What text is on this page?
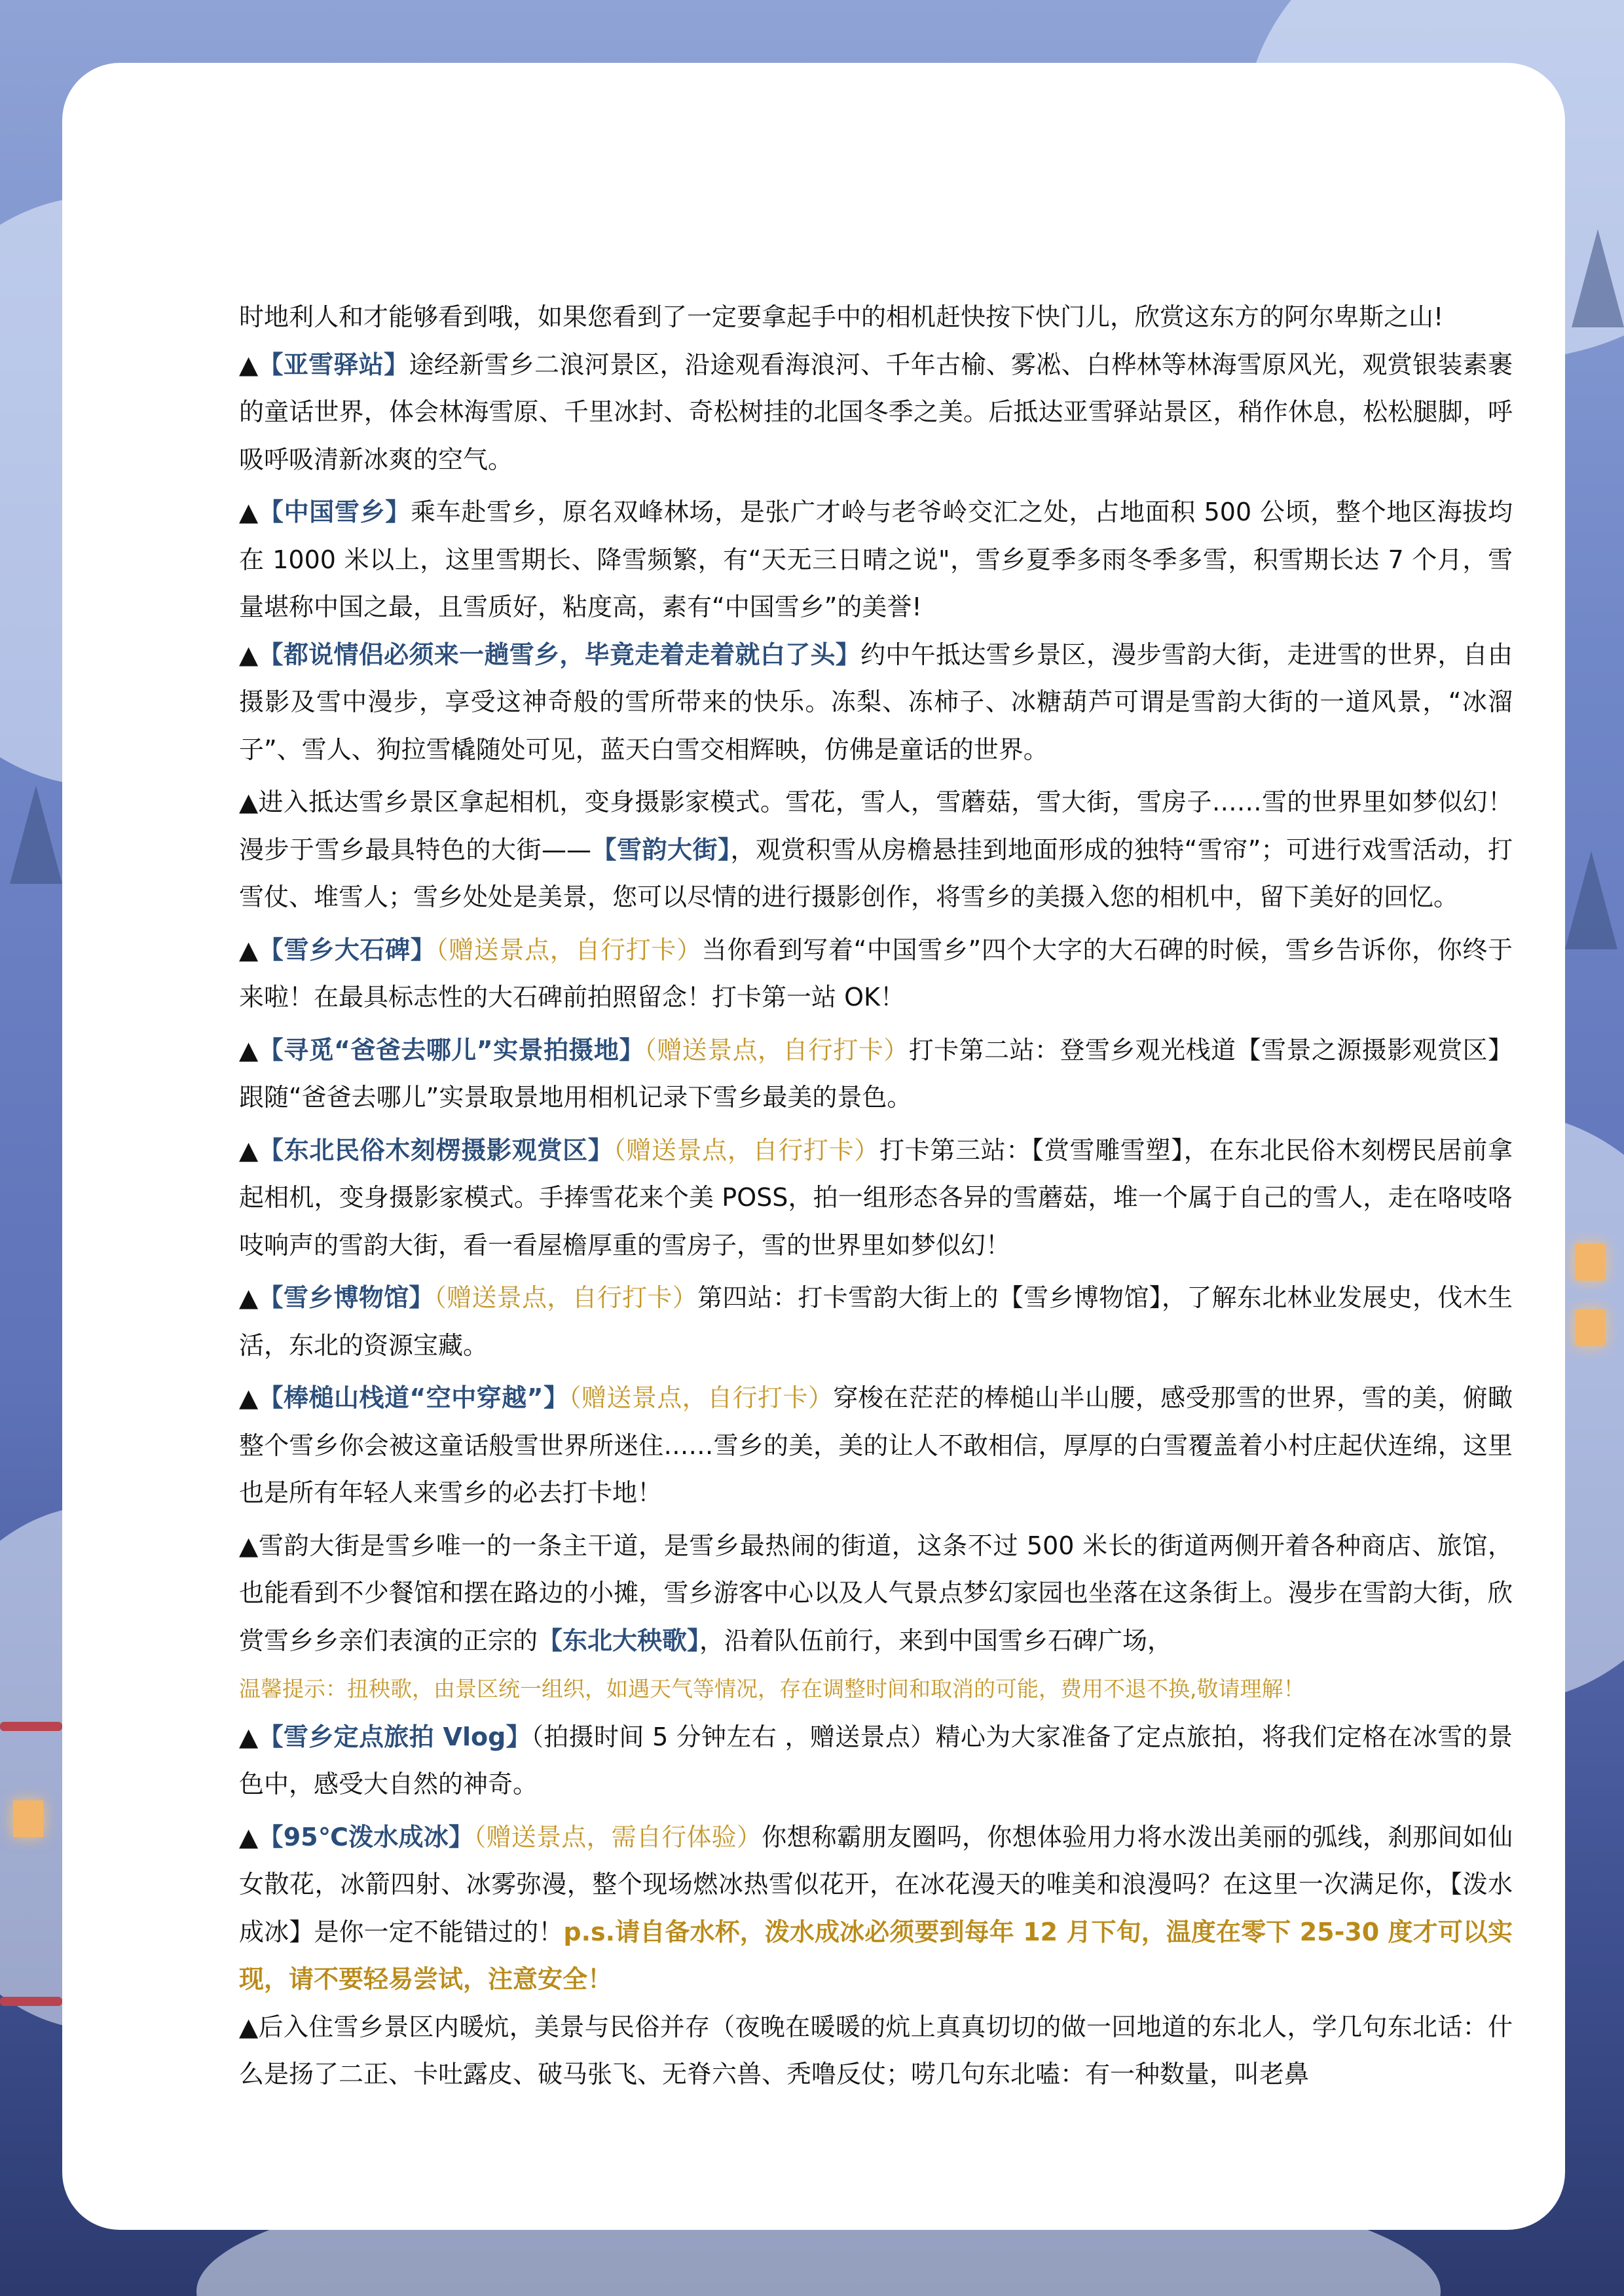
时地利人和才能够看到哦，如果您看到了一定要拿起手中的相机赶快按下快门儿，欣赏这东方的阿尔卑斯之山!

▲【亚雪驿站】途经新雪乡二浪河景区，沿途观看海浪河、千年古榆、雾凇、白桦林等林海雪原风光，观赏银装素裹的童话世界，体会林海雪原、千里冰封、奇松树挂的北国冬季之美。后抵达亚雪驿站景区，稍作休息，松松腿脚，呼吸呼吸清新冰爽的空气。

▲【中国雪乡】乘车赴雪乡，原名双峰林场，是张广才岭与老爷岭交汇之处，占地面积 500 公顷，整个地区海拔均在 1000 米以上，这里雪期长、降雪频繁，有“天无三日晴之说"，雪乡夏季多雨冬季多雪，积雪期长达 7 个月，雪量堪称中国之最，且雪质好，粘度高，素有“中国雪乡”的美誉!

▲【都说情侣必须来一趟雪乡，毕竟走着走着就白了头】约中午抵达雪乡景区，漫步雪韵大街，走进雪的世界，自由摄影及雪中漫步，享受这神奇般的雪所带来的快乐。冻梨、冻柿子、冰糖葫芦可谓是雪韵大街的一道风景，“冰溜子”、雪人、狗拉雪橇随处可见，蓝天白雪交相辉映，仿佛是童话的世界。

▲进入抵达雪乡景区拿起相机，变身摄影家模式。雪花，雪人，雪蘑菇，雪大街，雪房子……雪的世界里如梦似幻！漫步于雪乡最具特色的大街——【雪韵大街】，观赏积雪从房檐悬挂到地面形成的独特“雪帘”；可进行戏雪活动，打雪仗、堆雪人；雪乡处处是美景，您可以尽情的进行摄影创作，将雪乡的美摄入您的相机中，留下美好的回忆。

▲【雪乡大石碑】（赠送景点，自行打卡）当你看到写着“中国雪乡”四个大字的大石碑的时候，雪乡告诉你，你终于来啦！在最具标志性的大石碑前拍照留念！打卡第一站 OK！

▲【寻觅“爸爸去哪儿”实景拍摄地】（赠送景点，自行打卡）打卡第二站：登雪乡观光栈道【雪景之源摄影观赏区】跟随“爸爸去哪儿”实景取景地用相机记录下雪乡最美的景色。

▲【东北民俗木刻楞摄影观赏区】（赠送景点，自行打卡）打卡第三站：【赏雪雕雪塑】，在东北民俗木刻楞民居前拿起相机，变身摄影家模式。手捧雪花来个美 POSS，拍一组形态各异的雪蘑菇，堆一个属于自己的雪人，走在咯吱咯吱响声的雪韵大街，看一看屋檐厚重的雪房子，雪的世界里如梦似幻！

▲【雪乡博物馆】（赠送景点，自行打卡）第四站：打卡雪韵大街上的【雪乡博物馆】，了解东北林业发展史，伐木生活，东北的资源宝藏。

▲【棒槌山栈道“空中穿越”】（赠送景点，自行打卡）穿梭在茫茫的棒槌山半山腰，感受那雪的世界，雪的美，俯瞰整个雪乡你会被这童话般雪世界所迷住……雪乡的美，美的让人不敢相信，厚厚的白雪覆盖着小村庄起伏连绵，这里也是所有年轻人来雪乡的必去打卡地！

▲雪韵大街是雪乡唯一的一条主干道，是雪乡最热闹的街道，这条不过 500 米长的街道两侧开着各种商店、旅馆，也能看到不少餐馆和摆在路边的小摊，雪乡游客中心以及人气景点梦幻家园也坐落在这条街上。漫步在雪韵大街，欣赏雪乡乡亲们表演的正宗的【东北大秧歌】，沿着队伍前行，来到中国雪乡石碑广场，
温馨提示：扭秧歌，由景区统一组织，如遇天气等情况，存在调整时间和取消的可能，费用不退不换,敬请理解！

▲【雪乡定点旅拍 Vlog】（拍摄时间 5 分钟左右 ，赠送景点）精心为大家准备了定点旅拍，将我们定格在冰雪的景色中，感受大自然的神奇。

▲【95℃泼水成冰】（赠送景点，需自行体验）你想称霸朋友圈吗，你想体验用力将水泼出美丽的弧线，刹那间如仙女散花，冰箭四射、冰雾弥漫，整个现场燃冰热雪似花开，在冰花漫天的唯美和浪漫吗？在这里一次满足你，【泼水成冰】是你一定不能错过的！p.s.请自备水杯，泼水成冰必须要到每年 12 月下旬，温度在零下 25-30 度才可以实现，请不要轻易尝试，注意安全！

▲后入住雪乡景区内暖炕，美景与民俗并存（夜晚在暖暖的炕上真真切切的做一回地道的东北人，学几句东北话：什么是扬了二正、卡吐露皮、破马张飞、无脊六兽、秃噜反仗；唠几句东北嗑：有一种数量，叫老鼻
